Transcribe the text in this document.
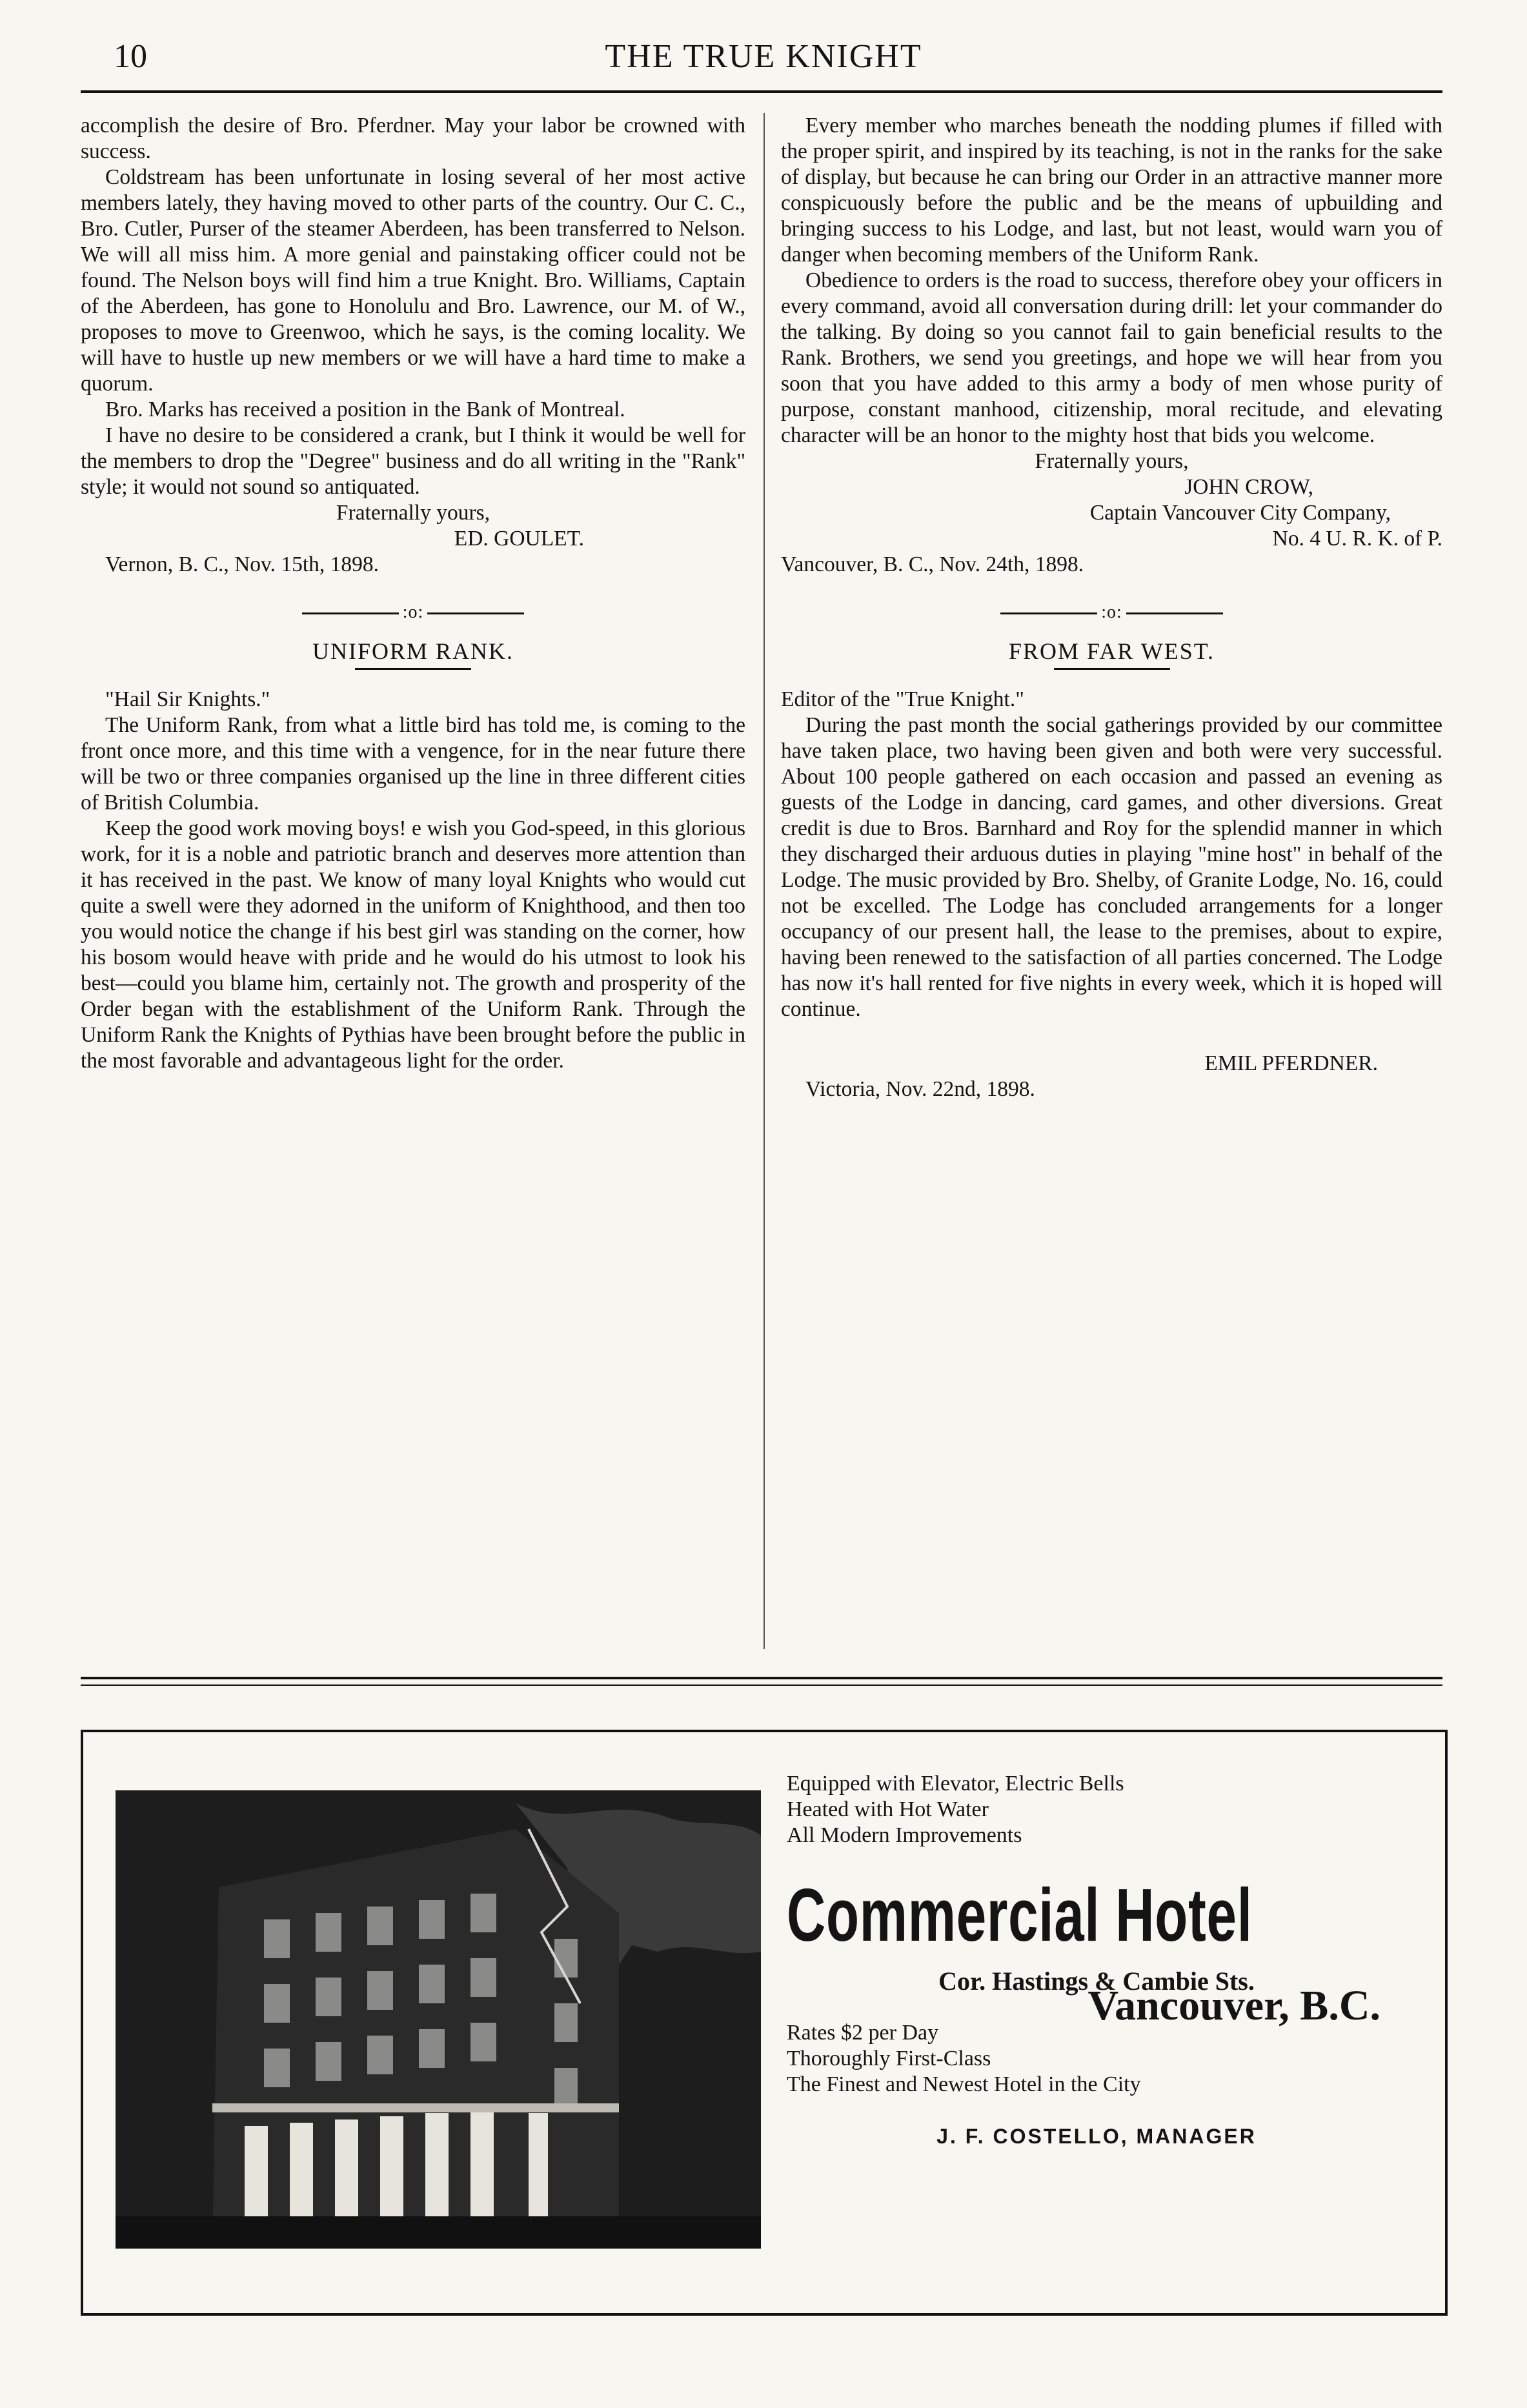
10	THE TRUE KNIGHT

accomplish the desire of Bro. Pferdner. May your labor be crowned with success.

Coldstream has been unfortunate in losing several of her most active members lately, they having moved to other parts of the country. Our C. C., Bro. Cutler, Purser of the steamer Aberdeen, has been transferred to Nelson. We will all miss him. A more genial and painstaking officer could not be found. The Nelson boys will find him a true Knight. Bro. Williams, Captain of the Aberdeen, has gone to Honolulu and Bro. Lawrence, our M. of W., proposes to move to Greenwoo, which he says, is the coming locality. We will have to hustle up new members or we will have a hard time to make a quorum.

Bro. Marks has received a position in the Bank of Montreal.

I have no desire to be considered a crank, but I think it would be well for the members to drop the "Degree" business and do all writing in the "Rank" style; it would not sound so antiquated.

Fraternally yours,

ED. GOULET.

Vernon, B. C., Nov. 15th, 1898.

:o:
UNIFORM RANK.

"Hail Sir Knights."

The Uniform Rank, from what a little bird has told me, is coming to the front once more, and this time with a vengence, for in the near future there will be two or three companies organised up the line in three different cities of British Columbia.

Keep the good work moving boys! e wish you God-speed, in this glorious work, for it is a noble and patriotic branch and deserves more attention than it has received in the past. We know of many loyal Knights who would cut quite a swell were they adorned in the uniform of Knighthood, and then too you would notice the change if his best girl was standing on the corner, how his bosom would heave with pride and he would do his utmost to look his best—could you blame him, certainly not. The growth and prosperity of the Order began with the establishment of the Uniform Rank. Through the Uniform Rank the Knights of Pythias have been brought before the public in the most favorable and advantageous light for the order.

Every member who marches beneath the nodding plumes if filled with the proper spirit, and inspired by its teaching, is not in the ranks for the sake of display, but because he can bring our Order in an attractive manner more conspicuously before the public and be the means of upbuilding and bringing success to his Lodge, and last, but not least, would warn you of danger when becoming members of the Uniform Rank.

Obedience to orders is the road to success, therefore obey your officers in every command, avoid all conversation during drill: let your commander do the talking. By doing so you cannot fail to gain beneficial results to the Rank. Brothers, we send you greetings, and hope we will hear from you soon that you have added to this army a body of men whose purity of purpose, constant manhood, citizenship, moral recitude, and elevating character will be an honor to the mighty host that bids you welcome.

Fraternally yours,

JOHN CROW,

Captain Vancouver City Company,

No. 4 U. R. K. of P.

Vancouver, B. C., Nov. 24th, 1898.

:o:
FROM FAR WEST.

Editor of the "True Knight."

During the past month the social gatherings provided by our committee have taken place, two having been given and both were very successful. About 100 people gathered on each occasion and passed an evening as guests of the Lodge in dancing, card games, and other diversions. Great credit is due to Bros. Barnhard and Roy for the splendid manner in which they discharged their arduous duties in playing "mine host" in behalf of the Lodge. The music provided by Bro. Shelby, of Granite Lodge, No. 16, could not be excelled. The Lodge has concluded arrangements for a longer occupancy of our present hall, the lease to the premises, about to expire, having been renewed to the satisfaction of all parties concerned. The Lodge has now it's hall rented for five nights in every week, which it is hoped will continue.

EMIL PFERDNER.

Victoria, Nov. 22nd, 1898.

Equipped with Elevator, Electric Bells
Heated with Hot Water
All Modern Improvements
Commercial Hotel
Cor. Hastings & Cambie Sts.
Rates $2 per Day
Vancouver, B.C.
Thoroughly First-Class
The Finest and Newest Hotel in the City
J. F. COSTELLO, MANAGER
